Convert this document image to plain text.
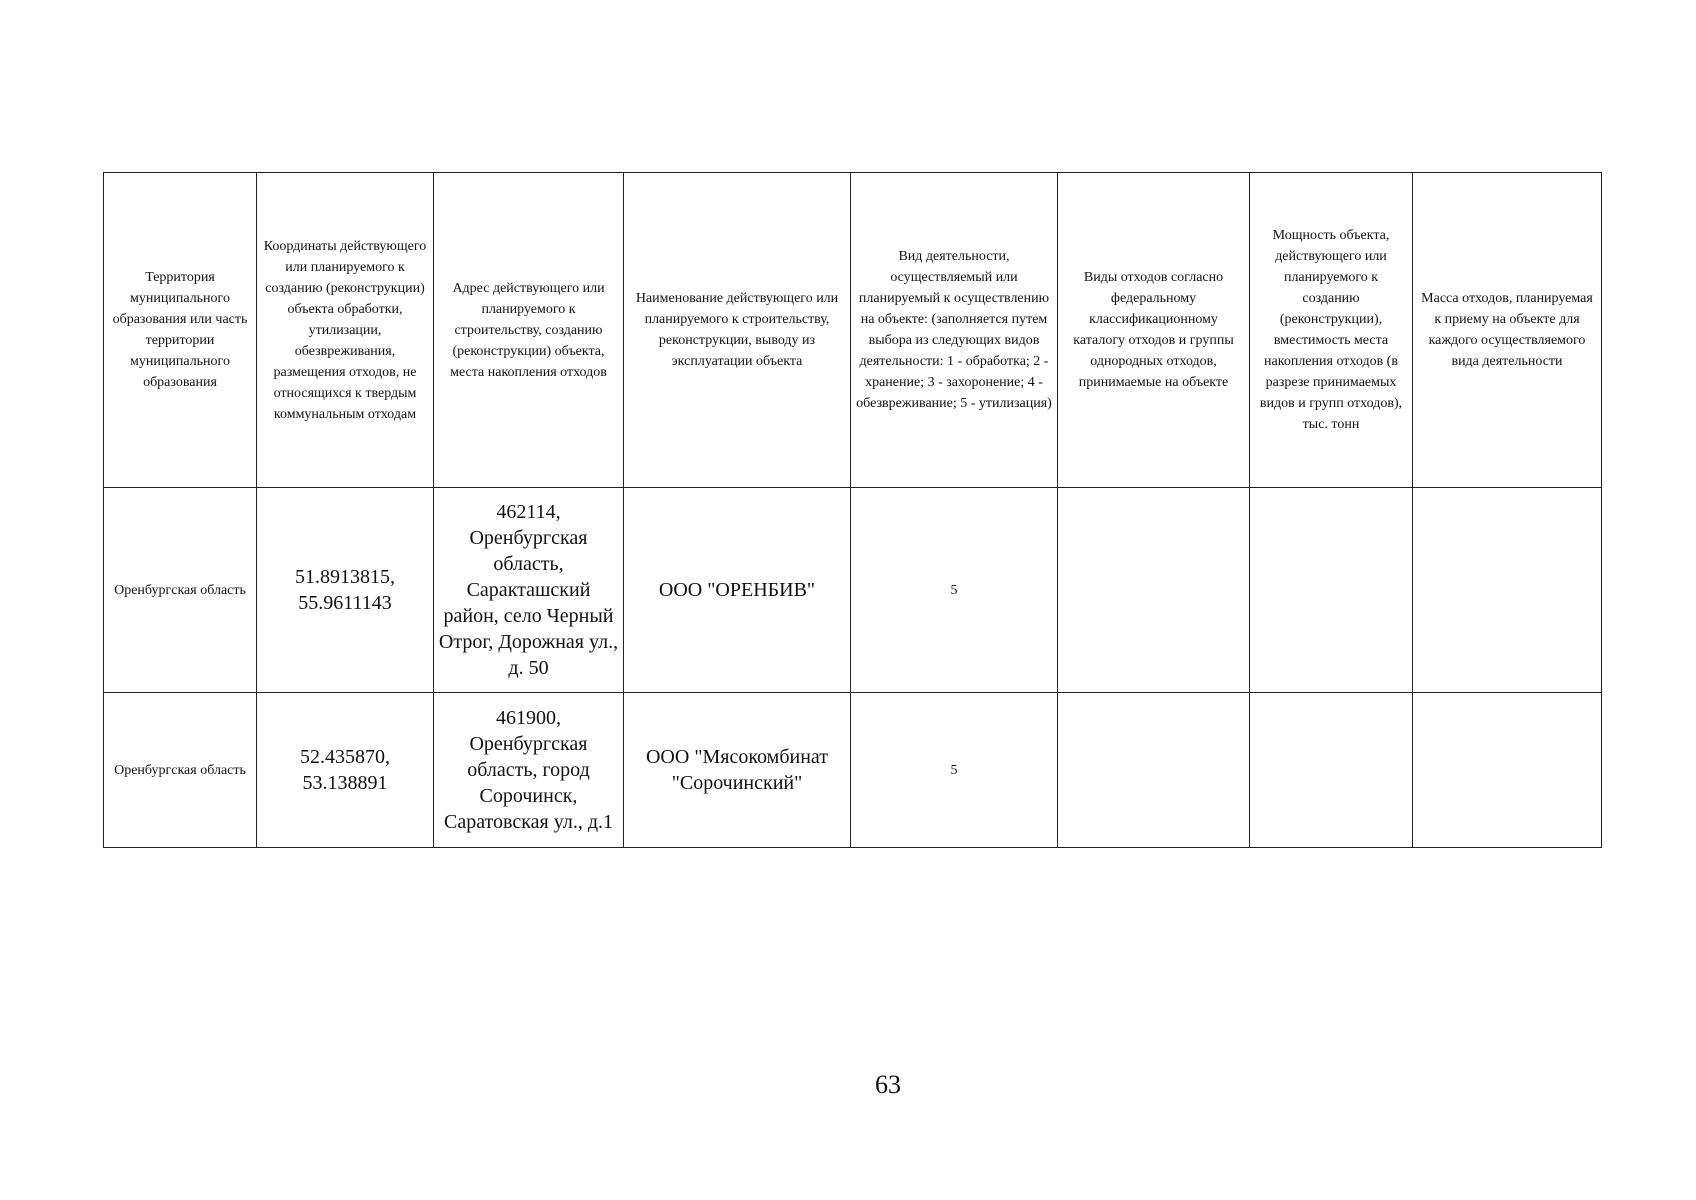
Территория муниципального образования или часть территории муниципального образования	Координаты действующего или планируемого к созданию (реконструкции) объекта обработки, утилизации, обезвреживания, размещения отходов, не относящихся к твердым коммунальным отходам	Адрес действующего или планируемого к строительству, созданию (реконструкции) объекта, места накопления отходов	Наименование действующего или планируемого к строительству, реконструкции, выводу из эксплуатации объекта	Вид деятельности, осуществляемый или планируемый к осуществлению на объекте: (заполняется путем выбора из следующих видов деятельности: 1 - обработка; 2 - хранение; 3 - захоронение; 4 - обезвреживание; 5 - утилизация)	Виды отходов согласно федеральному классификационному каталогу отходов и группы однородных отходов, принимаемые на объекте	Мощность объекта, действующего или планируемого к созданию (реконструкции), вместимость места накопления отходов (в разрезе принимаемых видов и групп отходов), тыс. тонн	Масса отходов, планируемая к приему на объекте для каждого осуществляемого вида деятельности
Оренбургская область	51.8913815, 55.9611143	462114, Оренбургская область, Саракташский район, село Черный Отрог, Дорожная ул., д. 50	ООО "ОРЕНБИВ"	5			
Оренбургская область	52.435870, 53.138891	461900, Оренбургская область, город Сорочинск, Саратовская ул., д.1	ООО "Мясокомбинат "Сорочинский"	5			
63
